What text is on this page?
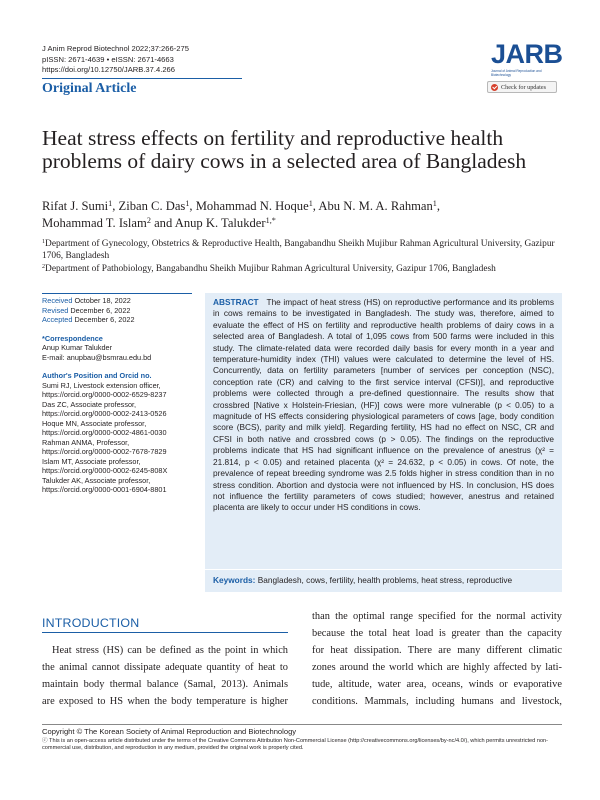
J Anim Reprod Biotechnol 2022;37:266-275
pISSN: 2671-4639 • eISSN: 2671-4663
https://doi.org/10.12750/JARB.37.4.266
Original Article
JARB
Journal of Animal Reproduction and Biotechnology
Check for updates
Heat stress effects on fertility and reproductive health problems of dairy cows in a selected area of Bangladesh
Rifat J. Sumi$^1$, Ziban C. Das$^1$, Mohammad N. Hoque$^1$, Abu N. M. A. Rahman$^1$,
Mohammad T. Islam$^2$ and Anup K. Talukder$^{1,*}$
$^1$Department of Gynecology, Obstetrics & Reproductive Health, Bangabandhu Sheikh Mujibur Rahman Agricultural University, Gazipur 1706, Bangladesh
$^2$Department of Pathobiology, Bangabandhu Sheikh Mujibur Rahman Agricultural University, Gazipur 1706, Bangladesh
Received October 18, 2022
Revised December 6, 2022
Accepted December 6, 2022
*Correspondence
Anup Kumar Talukder
E-mail: anupbau@bsmrau.edu.bd
Author's Position and Orcid no.
Sumi RJ, Livestock extension officer,
https://orcid.org/0000-0002-6529-8237
Das ZC, Associate professor,
https://orcid.org/0000-0002-2413-0526
Hoque MN, Associate professor,
https://orcid.org/0000-0002-4861-0030
Rahman ANMA, Professor,
https://orcid.org/0000-0002-7678-7829
Islam MT, Associate professor,
https://orcid.org/0000-0002-6245-808X
Talukder AK, Associate professor,
https://orcid.org/0000-0001-6904-8801
ABSTRACT The impact of heat stress (HS) on reproductive performance and its problems in cows remains to be investigated in Bangladesh. The study was, therefore, aimed to evaluate the effect of HS on fertility and reproductive health problems of dairy cows in a selected area of Bangladesh. A total of 1,095 cows from 500 farms were included in this study. The climate-related data were recorded daily basis for every month in a year and temperature-humidity index (THI) values were calculated to determine the level of HS. Concurrently, data on fertility parameters [number of services per conception (NSC), conception rate (CR) and calving to the first service interval (CFSI)], and reproductive problems were collected through a pre-defined questionnaire. The results show that crossbred [Native x Holstein-Friesian, (HF)] cows were more vulnerable (p < 0.05) to a magnitude of HS effects considering physiological parameters of cows [age, body condition score (BCS), parity and milk yield]. Regarding fertility, HS had no effect on NSC, CR and CFSI in both native and crossbred cows (p > 0.05). The findings on the reproductive problems indicate that HS had significant influence on the prevalence of anestrus (χ² = 21.814, p < 0.05) and retained placenta (χ² = 24.632, p < 0.05) in cows. Of note, the prevalence of repeat breeding syndrome was 2.5 folds higher in stress condition than in no stress condition. Abortion and dystocia were not influenced by HS. In conclusion, HS does not influence the fertility parameters of cows studied; however, anestrus and retained placenta are likely to occur under HS conditions in cows.
Keywords: Bangladesh, cows, fertility, health problems, heat stress, reproductive
INTRODUCTION
Heat stress (HS) can be defined as the point in which
the animal cannot dissipate adequate quantity of heat to
maintain body thermal balance (Samal, 2013). Animals
are exposed to HS when the body temperature is higher
than the optimal range specified for the normal activity
because the total heat load is greater than the capacity
for heat dissipation. There are many different climatic
zones around the world which are highly affected by lati-
tude, altitude, water area, oceans, winds or evaporative
conditions. Mammals, including humans and livestock,
Copyright © The Korean Society of Animal Reproduction and Biotechnology
ⓒ This is an open-access article distributed under the terms of the Creative Commons Attribution Non-Commercial License (http://creativecommons.org/licenses/by-nc/4.0/), which permits unrestricted non-commercial use, distribution, and reproduction in any medium, provided the original work is properly cited.
